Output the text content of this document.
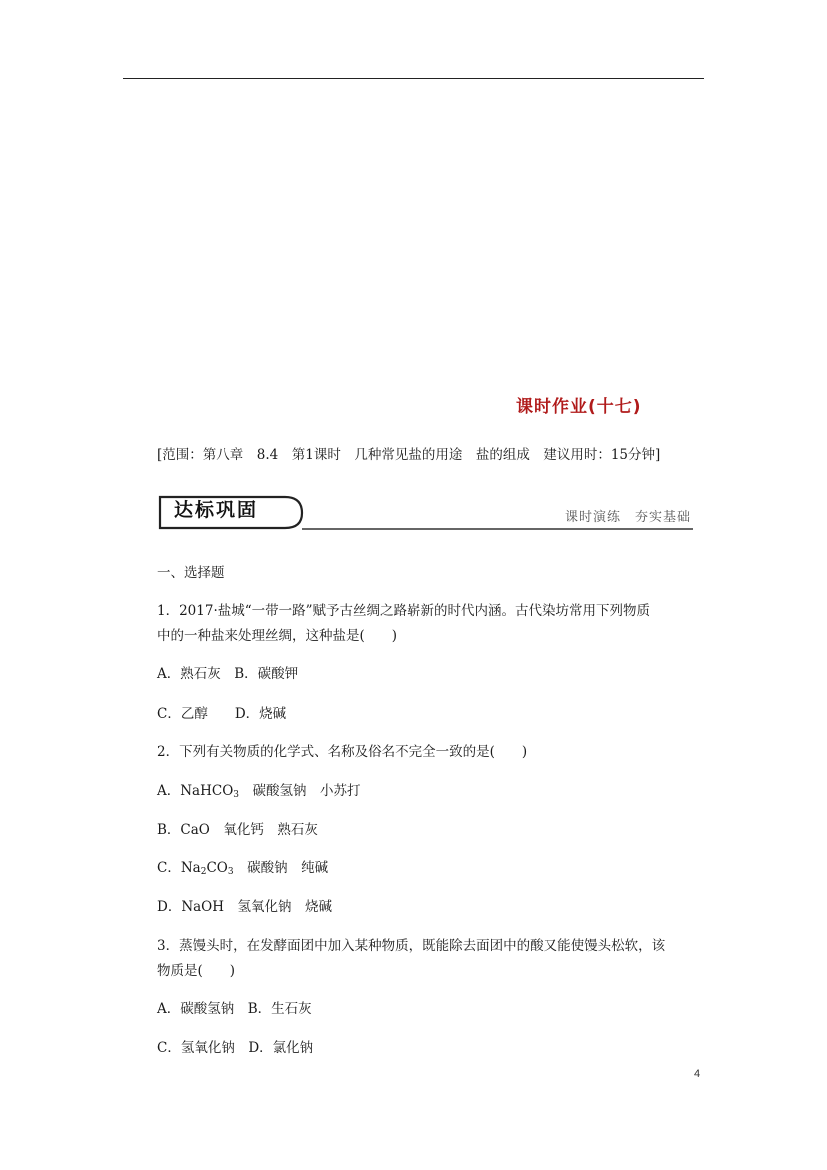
课时作业(十七)
[范围：第八章　8.4　第1课时　几种常见盐的用途　盐的组成　建议用时：15分钟]
达标巩固	课时演练　夯实基础
一、选择题
1．2017·盐城“一带一路”赋予古丝绸之路崭新的时代内涵。古代染坊常用下列物质
中的一种盐来处理丝绸，这种盐是(　　)
A．熟石灰　B．碳酸钾
C．乙醇　　D．烧碱
2．下列有关物质的化学式、名称及俗名不完全一致的是(　　)
A．NaHCO$_3$　碳酸氢钠　小苏打
B．CaO　氧化钙　熟石灰
C．$Na_2CO_3$　碳酸钠　纯碱
D．NaOH　氢氧化钠　烧碱
3．蒸馒头时，在发酵面团中加入某种物质，既能除去面团中的酸又能使馒头松软，该
物质是(　　)
A．碳酸氢钠　B．生石灰
C．氢氧化钠　D．氯化钠
4
